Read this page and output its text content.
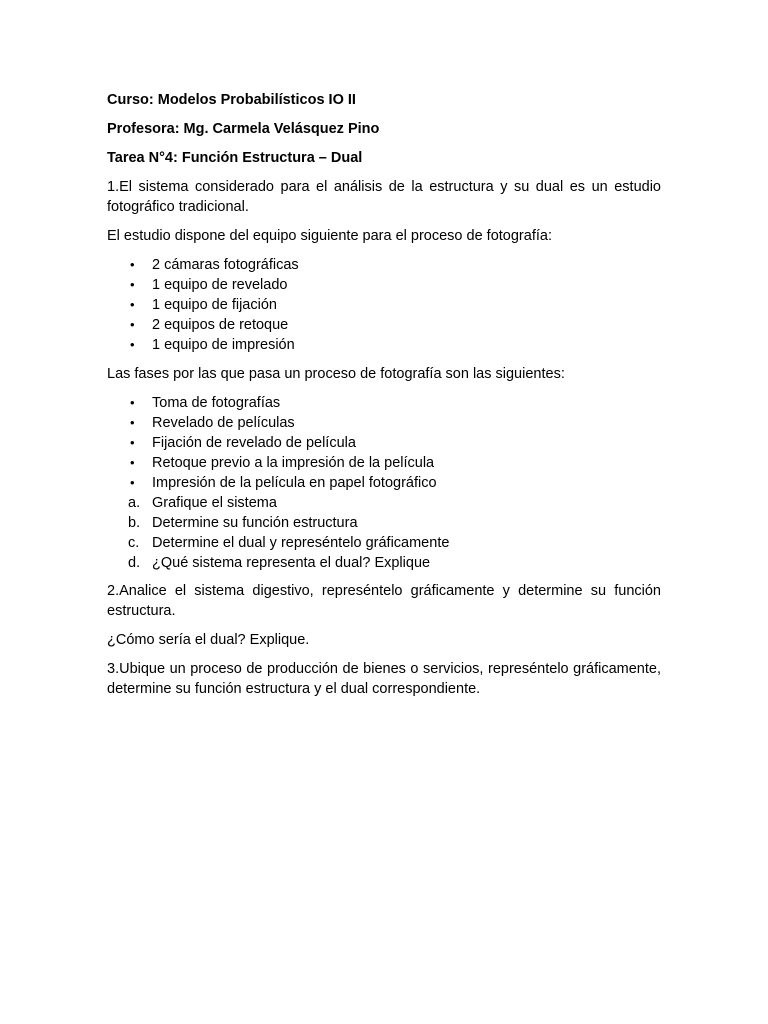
Curso: Modelos Probabilísticos IO II
Profesora: Mg. Carmela Velásquez Pino
Tarea N°4: Función Estructura – Dual

1.El sistema considerado para el análisis de la estructura y su dual es un estudio fotográfico tradicional.

El estudio dispone del equipo siguiente para el proceso de fotografía:

• 2 cámaras fotográficas
• 1 equipo de revelado
• 1 equipo de fijación
• 2 equipos de retoque
• 1 equipo de impresión

Las fases por las que pasa un proceso de fotografía son las siguientes:

• Toma de fotografías
• Revelado de películas
• Fijación de revelado de película
• Retoque previo a la impresión de la película
• Impresión de la película en papel fotográfico
a. Grafique el sistema
b. Determine su función estructura
c. Determine el dual y represéntelo gráficamente
d. ¿Qué sistema representa el dual? Explique

2.Analice el sistema digestivo, represéntelo gráficamente y determine su función estructura.

¿Cómo sería el dual? Explique.

3.Ubique un proceso de producción de bienes o servicios, represéntelo gráficamente, determine su función estructura y el dual correspondiente.
